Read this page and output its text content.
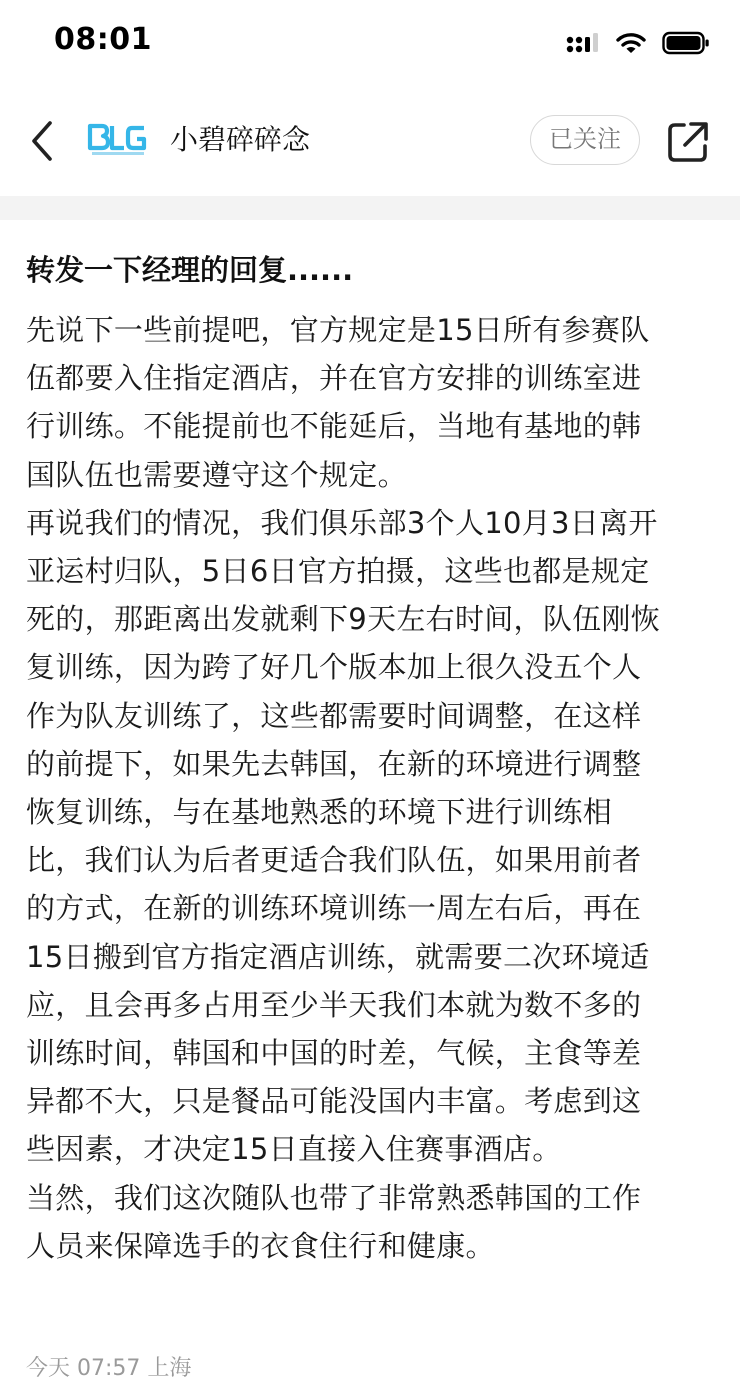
08:01
小碧碎碎念	已关注
转发一下经理的回复......
先说下一些前提吧，官方规定是15日所有参赛队
伍都要入住指定酒店，并在官方安排的训练室进
行训练。不能提前也不能延后，当地有基地的韩
国队伍也需要遵守这个规定。
再说我们的情况，我们俱乐部3个人10月3日离开
亚运村归队，5日6日官方拍摄，这些也都是规定
死的，那距离出发就剩下9天左右时间，队伍刚恢
复训练，因为跨了好几个版本加上很久没五个人
作为队友训练了，这些都需要时间调整，在这样
的前提下，如果先去韩国，在新的环境进行调整
恢复训练，与在基地熟悉的环境下进行训练相
比，我们认为后者更适合我们队伍，如果用前者
的方式，在新的训练环境训练一周左右后，再在
15日搬到官方指定酒店训练，就需要二次环境适
应，且会再多占用至少半天我们本就为数不多的
训练时间，韩国和中国的时差，气候，主食等差
异都不大，只是餐品可能没国内丰富。考虑到这
些因素，才决定15日直接入住赛事酒店。
当然，我们这次随队也带了非常熟悉韩国的工作
人员来保障选手的衣食住行和健康。
今天 07:57 上海
